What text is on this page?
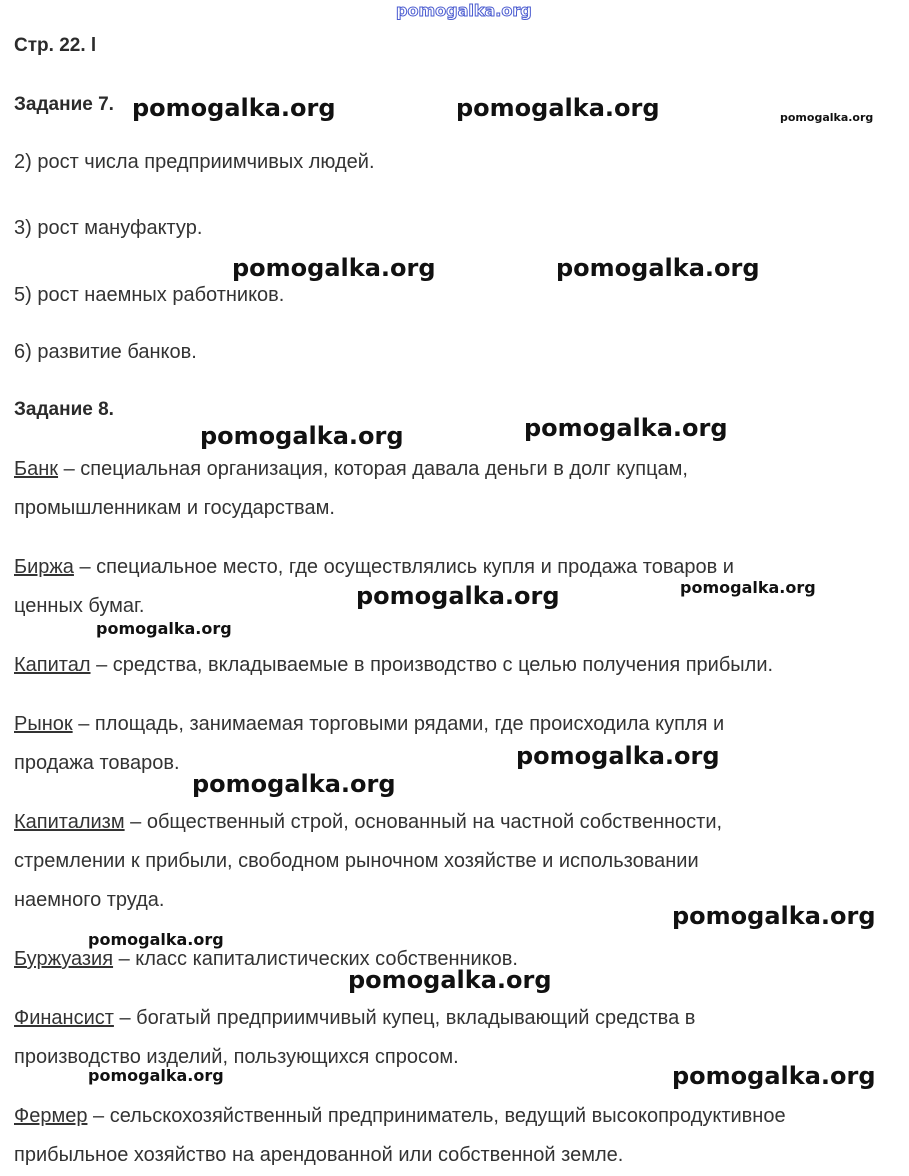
pomogalka.org
Стр. 22. l
Задание 7.
2) рост числа предприимчивых людей.
3) рост мануфактур.
5) рост наемных работников.
6) развитие банков.
Задание 8.
Банк – специальная организация, которая давала деньги в долг купцам,
промышленникам и государствам.
Биржа – специальное место, где осуществлялись купля и продажа товаров и
ценных бумаг.
Капитал – средства, вкладываемые в производство с целью получения прибыли.
Рынок – площадь, занимаемая торговыми рядами, где происходила купля и
продажа товаров.
Капитализм – общественный строй, основанный на частной собственности,
стремлении к прибыли, свободном рыночном хозяйстве и использовании
наемного труда.
Буржуазия – класс капиталистических собственников.
Финансист – богатый предприимчивый купец, вкладывающий средства в
производство изделий, пользующихся спросом.
Фермер – сельскохозяйственный предприниматель, ведущий высокопродуктивное
прибыльное хозяйство на арендованной или собственной земле.
pomogalka.org	pomogalka.org	pomogalka.org
pomogalka.org	pomogalka.org
pomogalka.org
pomogalka.org
pomogalka.org
pomogalka.org
pomogalka.org
pomogalka.org
pomogalka.org
pomogalka.org
pomogalka.org
pomogalka.org
pomogalka.org
pomogalka.org
